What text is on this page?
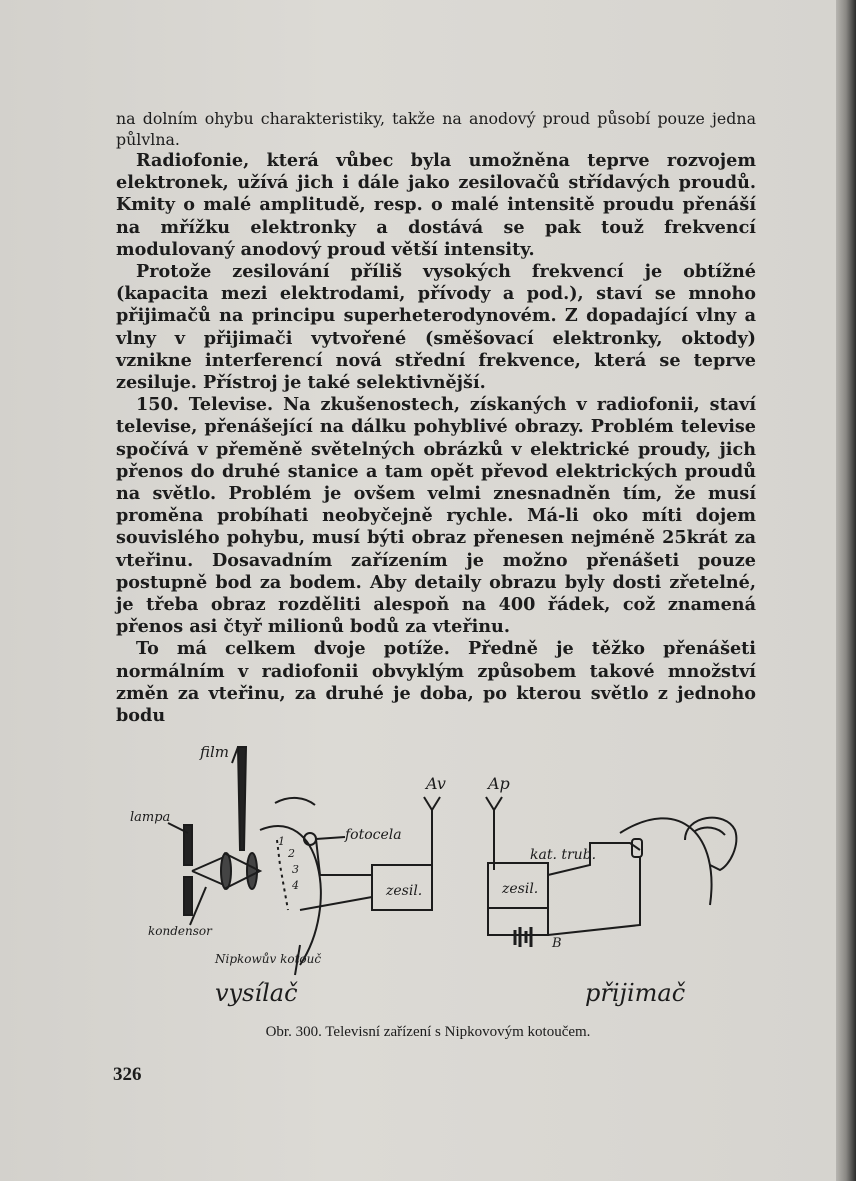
na dolním ohybu charakteristiky, takže na anodový proud působí pouze jedna půlvlna.

Radiofonie, která vůbec byla umožněna teprve rozvojem elektronek, užívá jich i dále jako zesilovačů střídavých proudů. Kmity o malé amplitudě, resp. o malé intensitě proudu přenáší na mřížku elektronky a dostává se pak touž frekvencí modulovaný anodový proud větší intensity.

Protože zesilování příliš vysokých frekvencí je obtížné (kapacita mezi elektrodami, přívody a pod.), staví se mnoho přijimačů na principu superheterodynovém. Z dopadající vlny a vlny v přijimači vytvořené (směšovací elektronky, oktody) vznikne interferencí nová střední frekvence, která se teprve zesiluje. Přístroj je také selektivnější.

150. Televise. Na zkušenostech, získaných v radiofonii, staví televise, přenášející na dálku pohyblivé obrazy. Problém televise spočívá v přeměně světelných obrázků v elektrické proudy, jich přenos do druhé stanice a tam opět převod elektrických proudů na světlo. Problém je ovšem velmi znesnadněn tím, že musí proměna probíhati neobyčejně rychle. Má-li oko míti dojem souvislého pohybu, musí býti obraz přenesen nejméně 25krát za vteřinu. Dosavadním zařízením je možno přenášeti pouze postupně bod za bodem. Aby detaily obrazu byly dosti zřetelné, je třeba obraz rozděliti alespoň na 400 řádek, což znamená přenos asi čtyř milionů bodů za vteřinu.

To má celkem dvoje potíže. Předně je těžko přenášeti normálním v radiofonii obvyklým způsobem takové množství změn za vteřinu, za druhé je doba, po kterou světlo z jednoho bodu

film
lampa
kondensor
Nipkowův kotouč
fotocela
Av	Ap
zesil.	zesil.
kat. trub.
B
1
2
3
4
vysílač	přijimač
Obr. 300. Televisní zařízení s Nipkovovým kotoučem.
326
